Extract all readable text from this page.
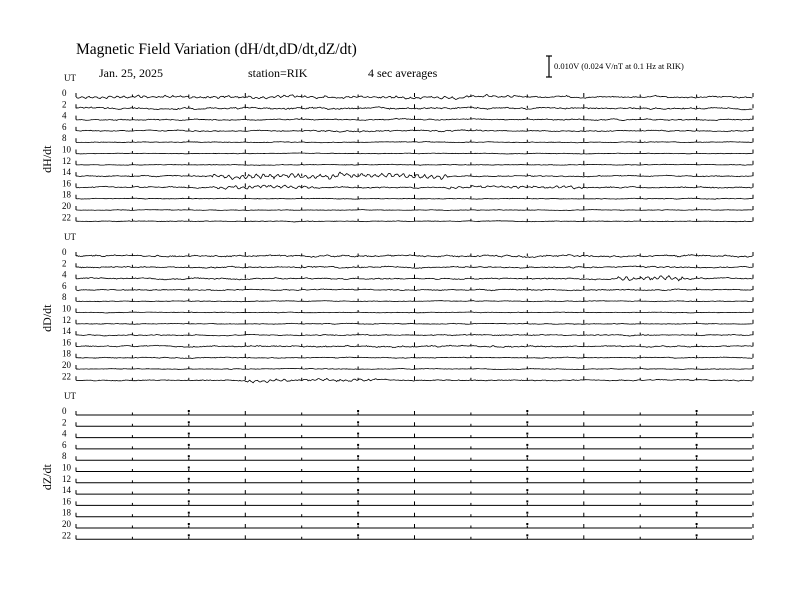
Magnetic Field Variation (dH/dt,dD/dt,dZ/dt)
Jan. 25, 2025	station=RIK	4 sec averages	0.010V (0.024 V/nT at 0.1 Hz at RIK)
UT
dH/dt
0
2
4
6
8
10
12
14
16
18
20
22
UT
dD/dt
0
2
4
6
8
10
12
14
16
18
20
22
UT
dZ/dt
0
2
4
6
8
10
12
14
16
18
20
22
